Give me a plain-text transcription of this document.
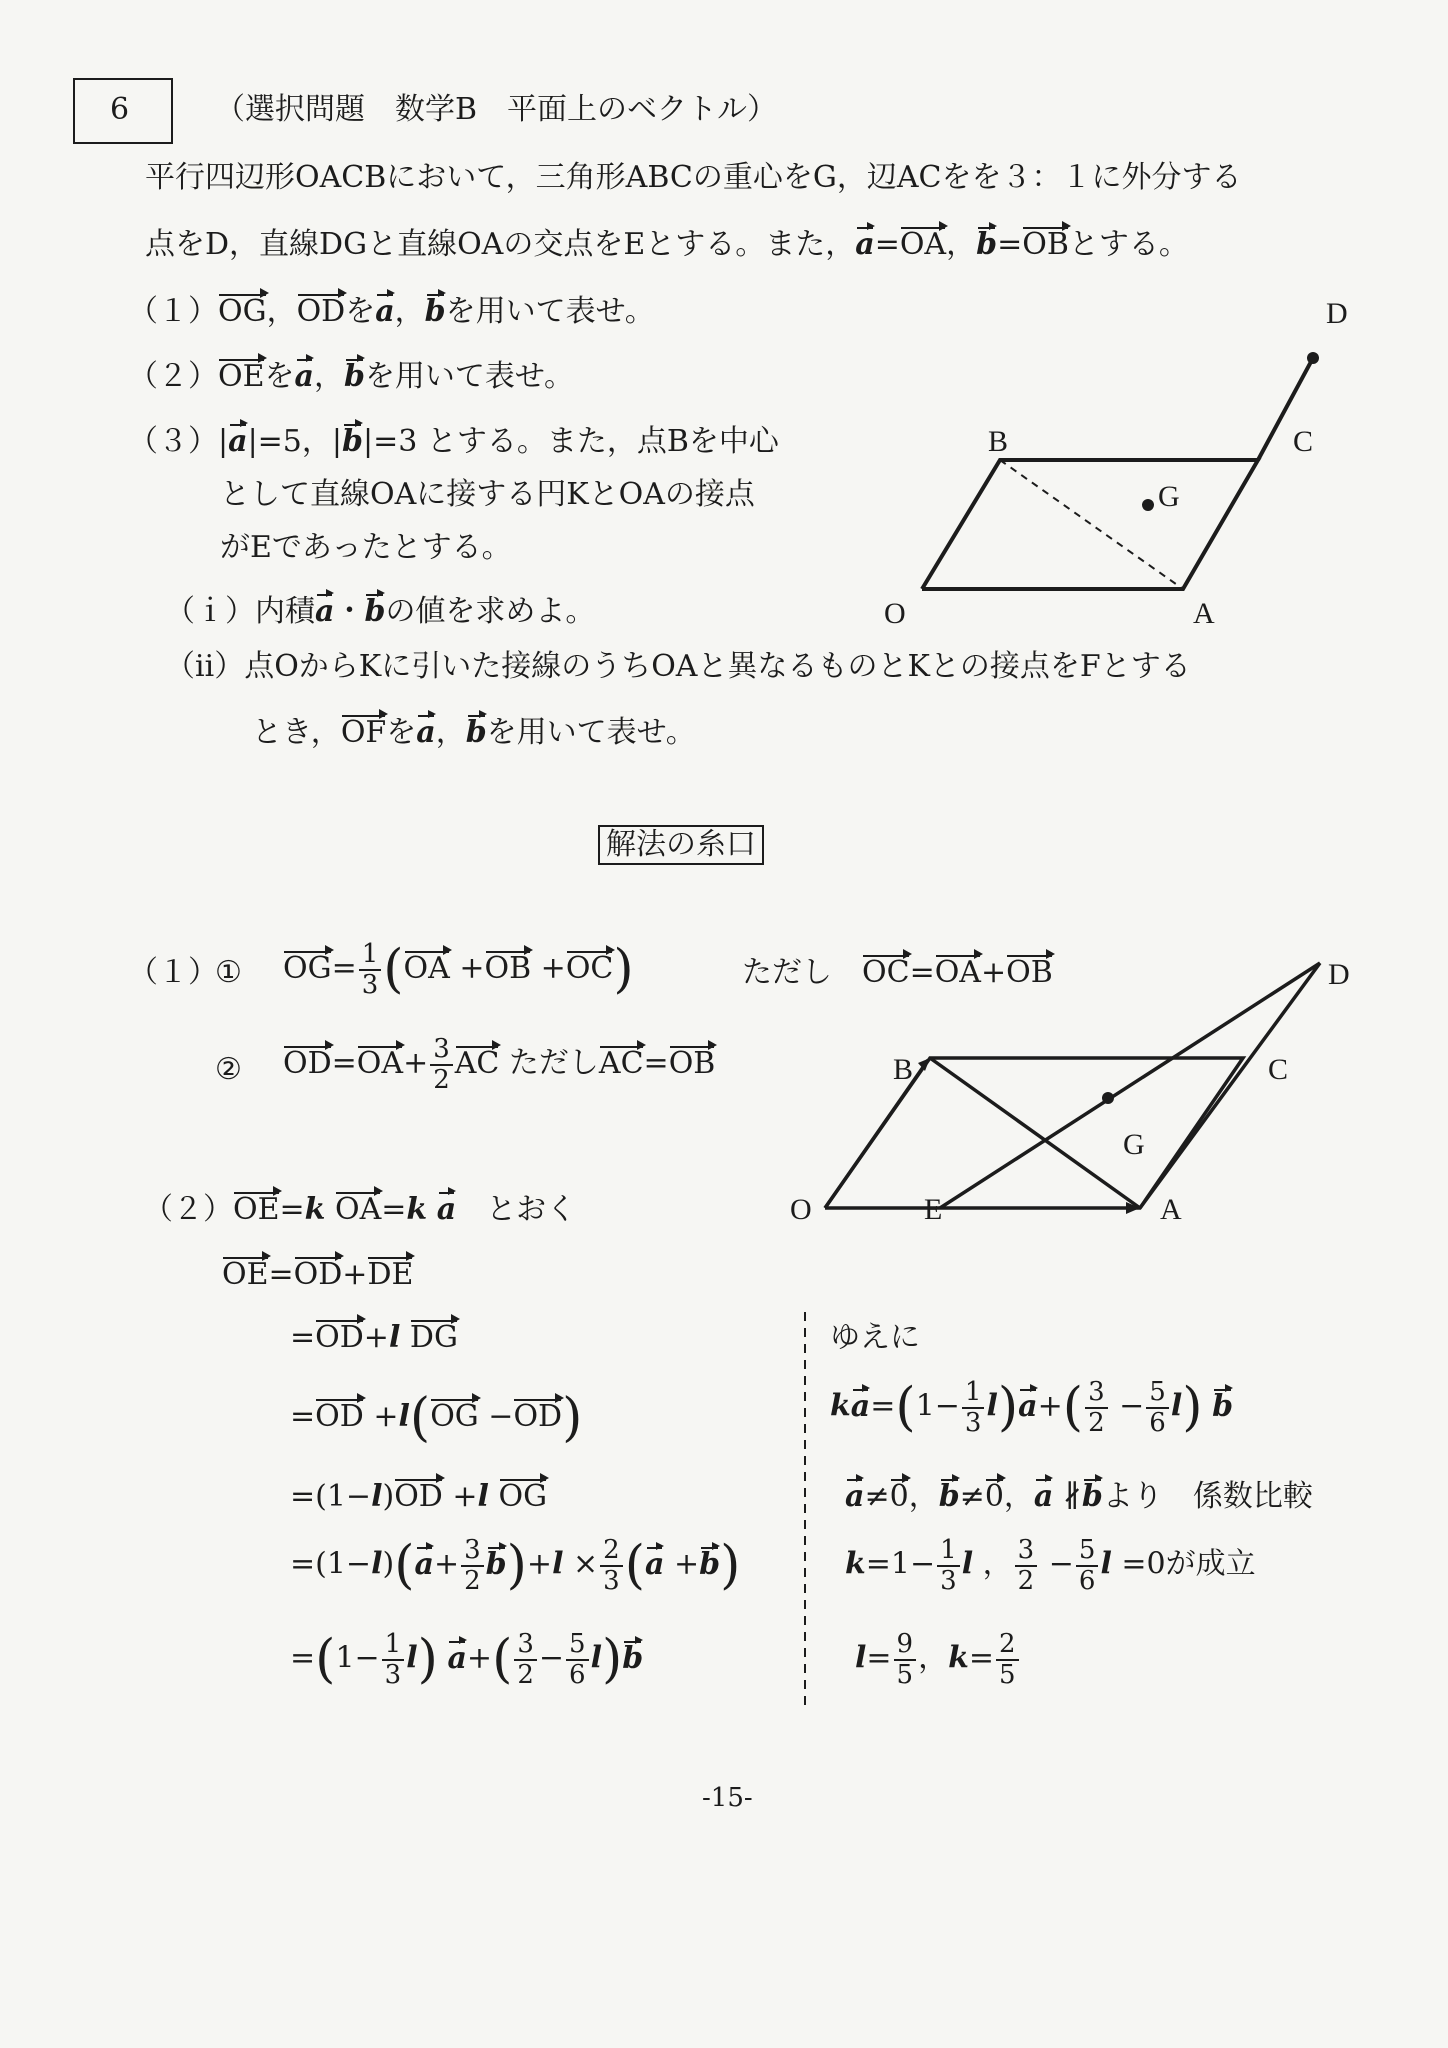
6	（選択問題　数学B　平面上のベクトル）
平行四辺形OACBにおいて，三角形ABCの重心をG，辺ACをを３：１に外分する
点をD，直線DGと直線OAの交点をEとする。また，a=OA，b=OBとする。
（１）OG，ODをa，bを用いて表せ。
（２）OEをa，bを用いて表せ。
（３）|a|=5，|b|=3 とする。また，点Bを中心
として直線OAに接する円KとOAの接点
がEであったとする。
（ｉ）内積a・bの値を求めよ。
（ⅱ）点OからKに引いた接線のうちOAと異なるものとKとの接点をFとする
とき，OFをa，bを用いて表せ。
D
B	C
G
O	A
解法の糸口
（１）
① $OG= \frac{1}{3} (OA +OB +OC)$	ただし　 OC=OA+OB
② $OD=OA+ \frac{3}{2}$ AC ただしAC=OB
D
B	C
G
O	E	A
（２）OE=k OA=k a　 とおく
OE=OD+DE
=OD+l DG
=OD +l(OG −OD)
=(1−l)OD +l OG
$=(1-l)(a+ \frac{3}{2} b)+l \times \frac{2}{3} (a +b)$
$=(1- \frac{1}{3} l)$ $a+( \frac{3}{2} - \frac{5}{6} l)b$
ゆえに
$ka=(1- \frac{1}{3} l)a+( \frac{3}{2} - \frac{5}{6} l)$ b
a≠0，b≠0，a ∦bより　 係数比較
$k=1- \frac{1}{3}$ l ， $\frac{3}{2} - \frac{5}{6}$ l =0が成立
$l= \frac{9}{5}$ ，$k= \frac{2}{5}$
-15-
